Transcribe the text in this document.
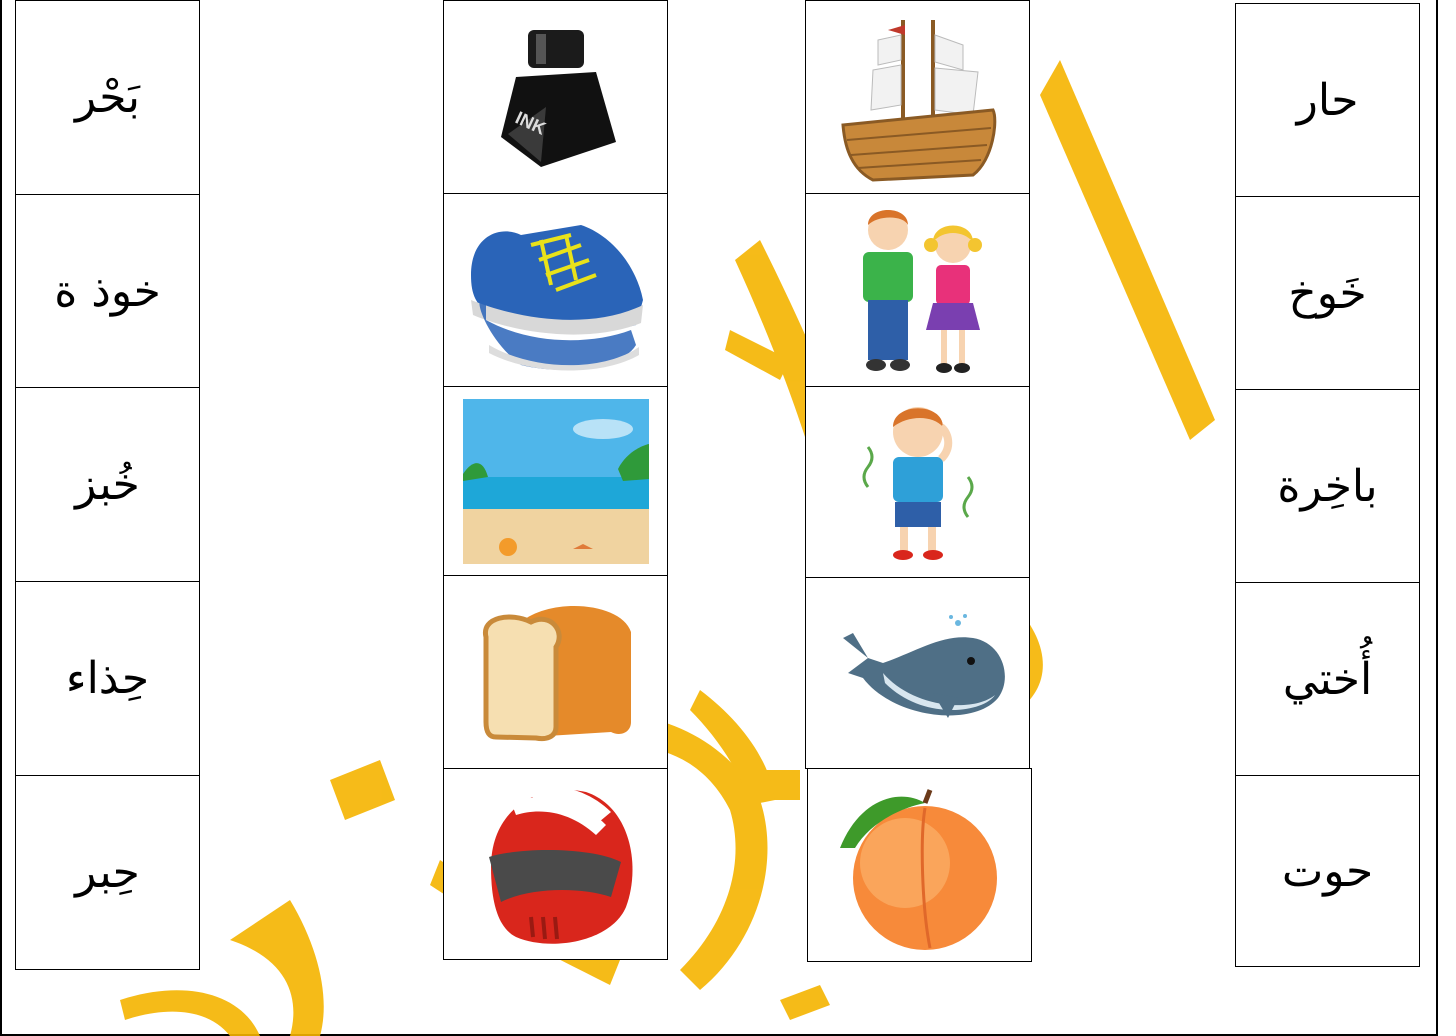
بَحْر
خوذ ة
خُبز
حِذاء
حِبر
حار
خَوخ
باخِرة
أُختي
حوت
INK
